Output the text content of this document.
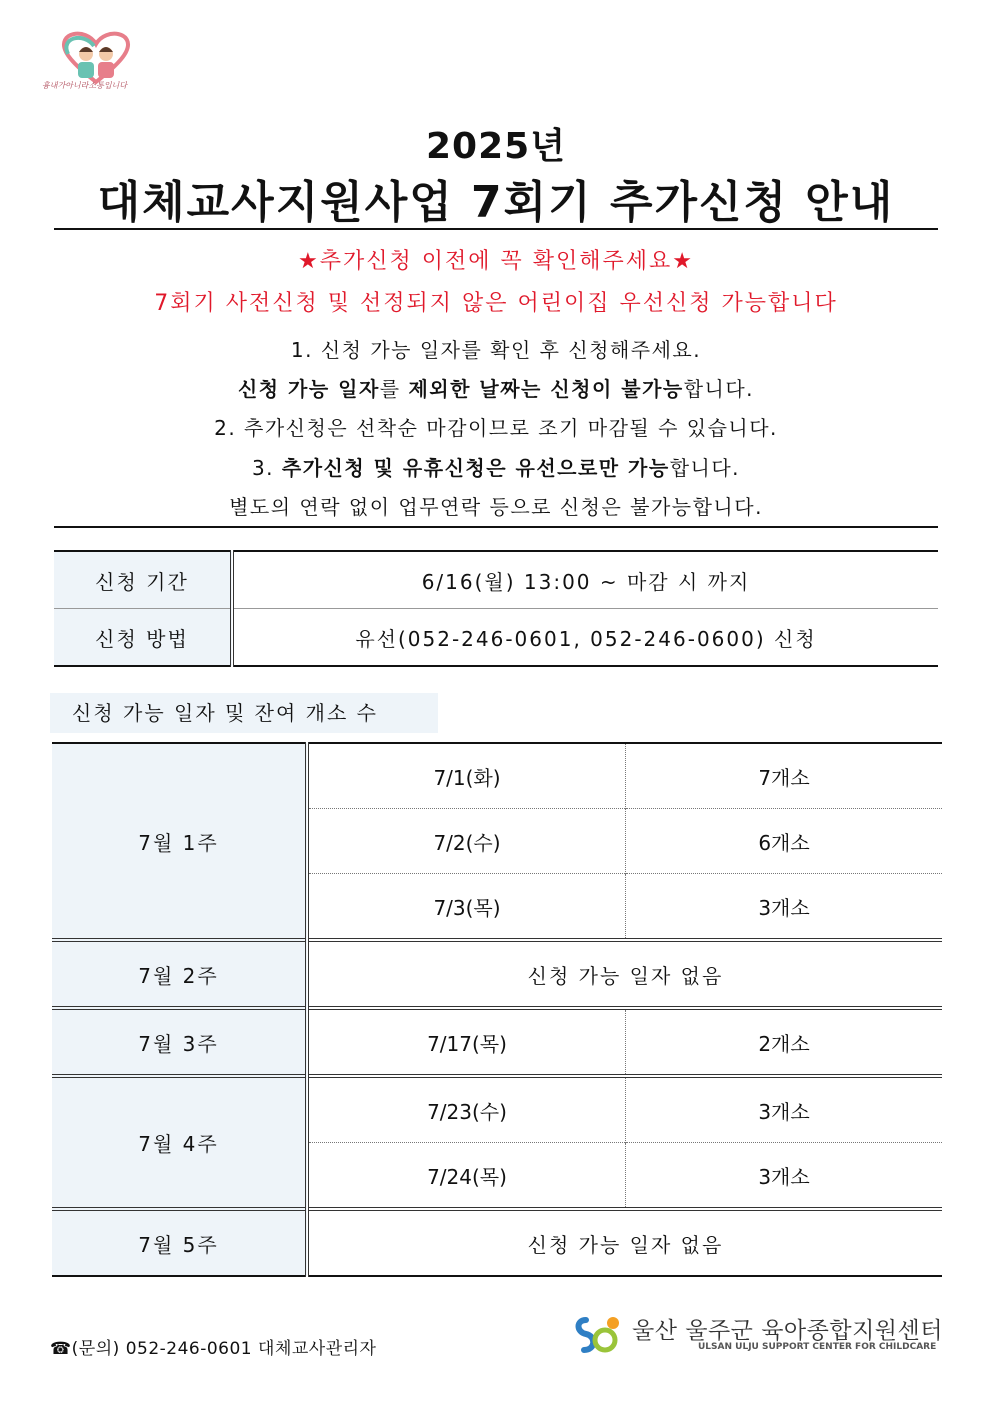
흉내가아니라소통입니다
2025년
대체교사지원사업 7회기 추가신청 안내
★추가신청 이전에 꼭 확인해주세요★
7회기 사전신청 및 선정되지 않은 어린이집 우선신청 가능합니다
1. 신청 가능 일자를 확인 후 신청해주세요.
신청 가능 일자를 제외한 날짜는 신청이 불가능합니다.
2. 추가신청은 선착순 마감이므로 조기 마감될 수 있습니다.
3. 추가신청 및 유휴신청은 유선으로만 가능합니다.
별도의 연락 없이 업무연락 등으로 신청은 불가능합니다.
신청 기간	6/16(월) 13:00 ~ 마감 시 까지
신청 방법	유선(052-246-0601, 052-246-0600) 신청
신청 가능 일자 및 잔여 개소 수
7월 1주	7/1(화)	7개소
	7/2(수)	6개소
	7/3(목)	3개소
7월 2주	신청 가능 일자 없음	
7월 3주	7/17(목)	2개소
7월 4주	7/23(수)	3개소
	7/24(목)	3개소
7월 5주	신청 가능 일자 없음	
☎(문의) 052-246-0601 대체교사관리자
울산 울주군 육아종합지원센터
ULSAN ULJU SUPPORT CENTER FOR CHILDCARE
